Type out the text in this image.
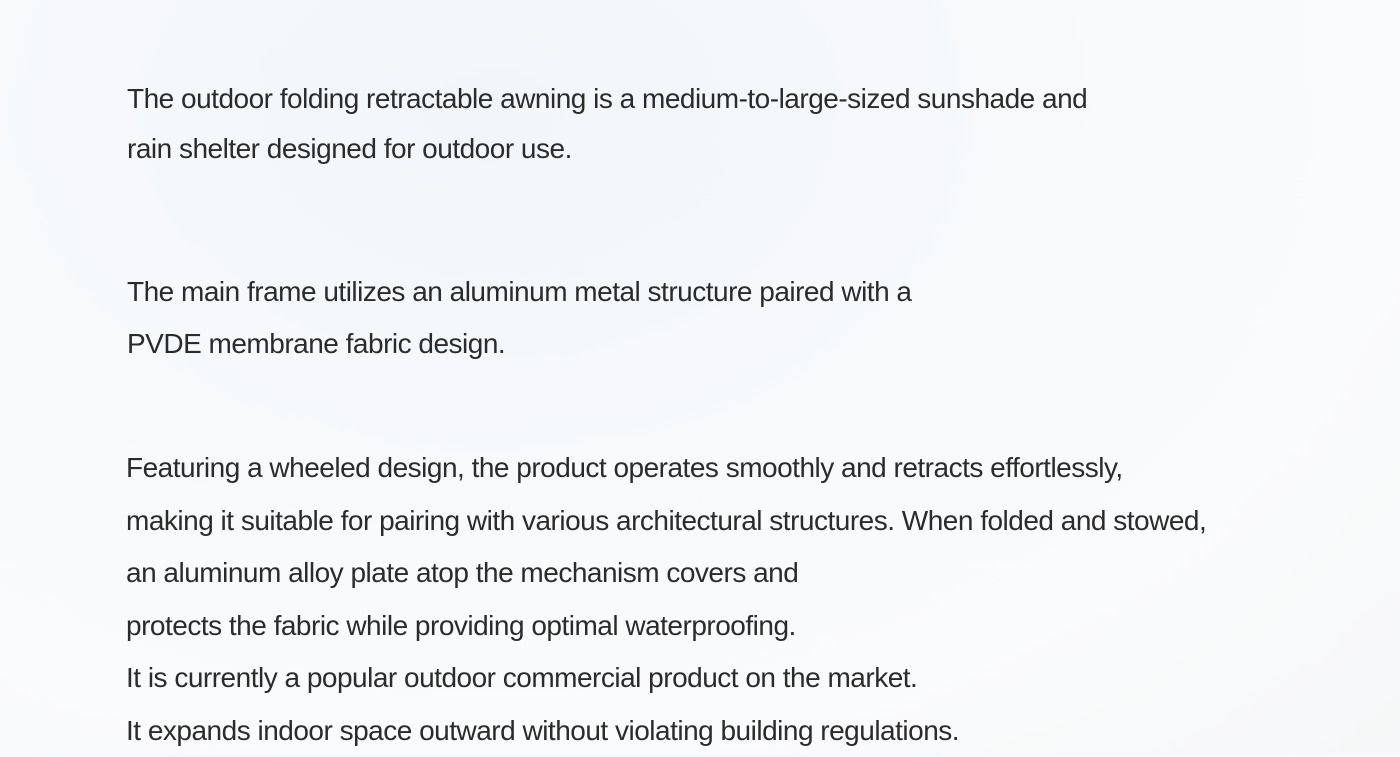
The outdoor folding retractable awning is a medium-to-large-sized sunshade and
rain shelter designed for outdoor use.

The main frame utilizes an aluminum metal structure paired with a
PVDE membrane fabric design.

Featuring a wheeled design, the product operates smoothly and retracts effortlessly,
making it suitable for pairing with various architectural structures. When folded and stowed,
an aluminum alloy plate atop the mechanism covers and
protects the fabric while providing optimal waterproofing.
It is currently a popular outdoor commercial product on the market.
It expands indoor space outward without violating building regulations.
